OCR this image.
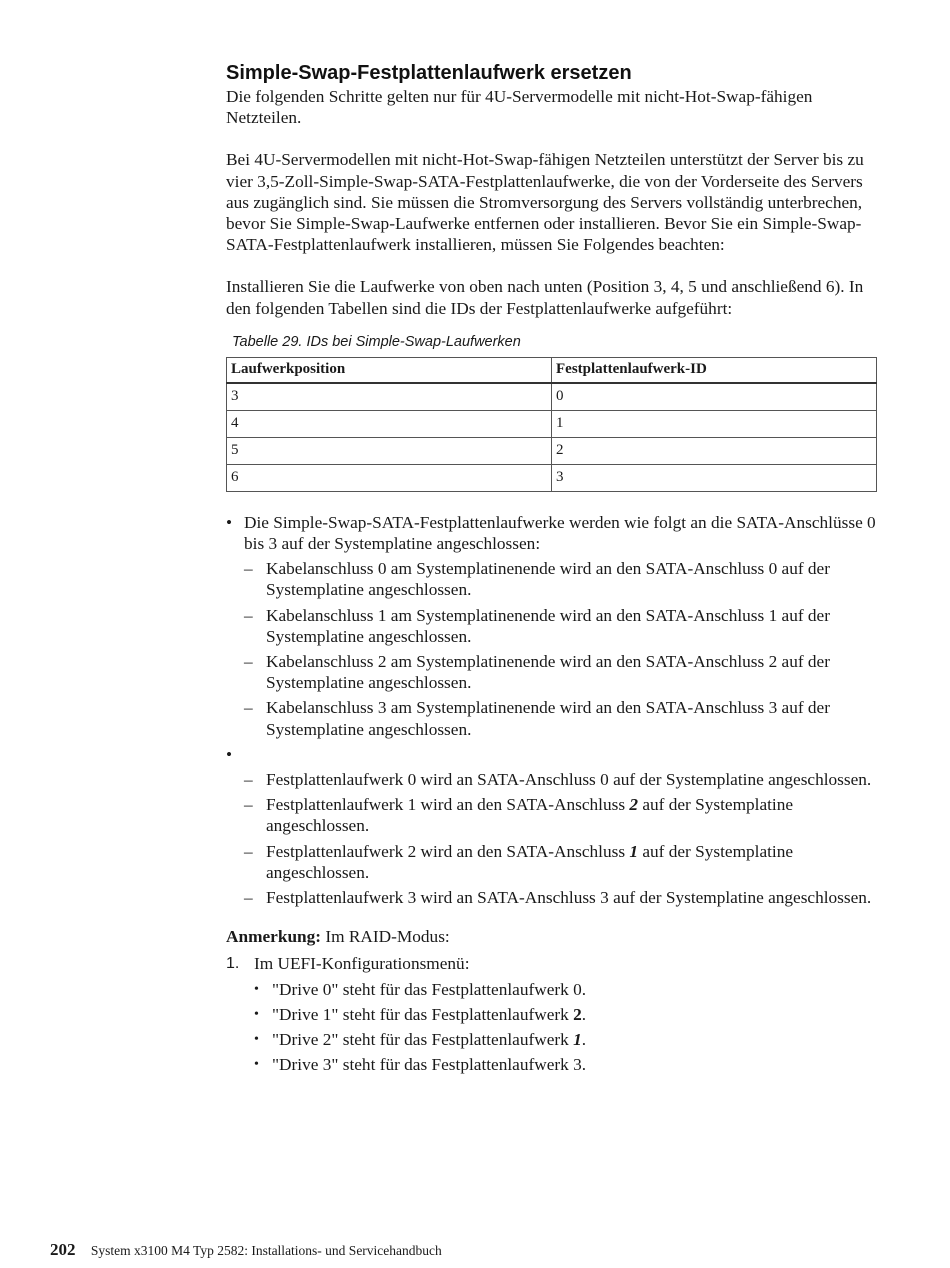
Simple-Swap-Festplattenlaufwerk ersetzen

Die folgenden Schritte gelten nur für 4U-Servermodelle mit nicht-Hot-Swap-fähigen Netzteilen.

Bei 4U-Servermodellen mit nicht-Hot-Swap-fähigen Netzteilen unterstützt der Server bis zu vier 3,5-Zoll-Simple-Swap-SATA-Festplattenlaufwerke, die von der Vorderseite des Servers aus zugänglich sind. Sie müssen die Stromversorgung des Servers vollständig unterbrechen, bevor Sie Simple-Swap-Laufwerke entfernen oder installieren. Bevor Sie ein Simple-Swap-SATA-Festplattenlaufwerk installieren, müssen Sie Folgendes beachten:

Installieren Sie die Laufwerke von oben nach unten (Position 3, 4, 5 und anschließend 6). In den folgenden Tabellen sind die IDs der Festplattenlaufwerke aufgeführt:

Tabelle 29. IDs bei Simple-Swap-Laufwerken
Laufwerkposition	Festplattenlaufwerk-ID
3	0
4	1
5	2
6	3
• Die Simple-Swap-SATA-Festplattenlaufwerke werden wie folgt an die SATA-Anschlüsse 0 bis 3 auf der Systemplatine angeschlossen:
– Kabelanschluss 0 am Systemplatinenende wird an den SATA-Anschluss 0 auf der Systemplatine angeschlossen.
– Kabelanschluss 1 am Systemplatinenende wird an den SATA-Anschluss 1 auf der Systemplatine angeschlossen.
– Kabelanschluss 2 am Systemplatinenende wird an den SATA-Anschluss 2 auf der Systemplatine angeschlossen.
– Kabelanschluss 3 am Systemplatinenende wird an den SATA-Anschluss 3 auf der Systemplatine angeschlossen.
•

– Festplattenlaufwerk 0 wird an SATA-Anschluss 0 auf der Systemplatine angeschlossen.
– Festplattenlaufwerk 1 wird an den SATA-Anschluss 2 auf der Systemplatine angeschlossen.
– Festplattenlaufwerk 2 wird an den SATA-Anschluss 1 auf der Systemplatine angeschlossen.
– Festplattenlaufwerk 3 wird an SATA-Anschluss 3 auf der Systemplatine angeschlossen.

Anmerkung: Im RAID-Modus:

1. Im UEFI-Konfigurationsmenü:
• "Drive 0" steht für das Festplattenlaufwerk 0.
• "Drive 1" steht für das Festplattenlaufwerk 2.
• "Drive 2" steht für das Festplattenlaufwerk 1.
• "Drive 3" steht für das Festplattenlaufwerk 3.
202 System x3100 M4 Typ 2582: Installations- und Servicehandbuch
